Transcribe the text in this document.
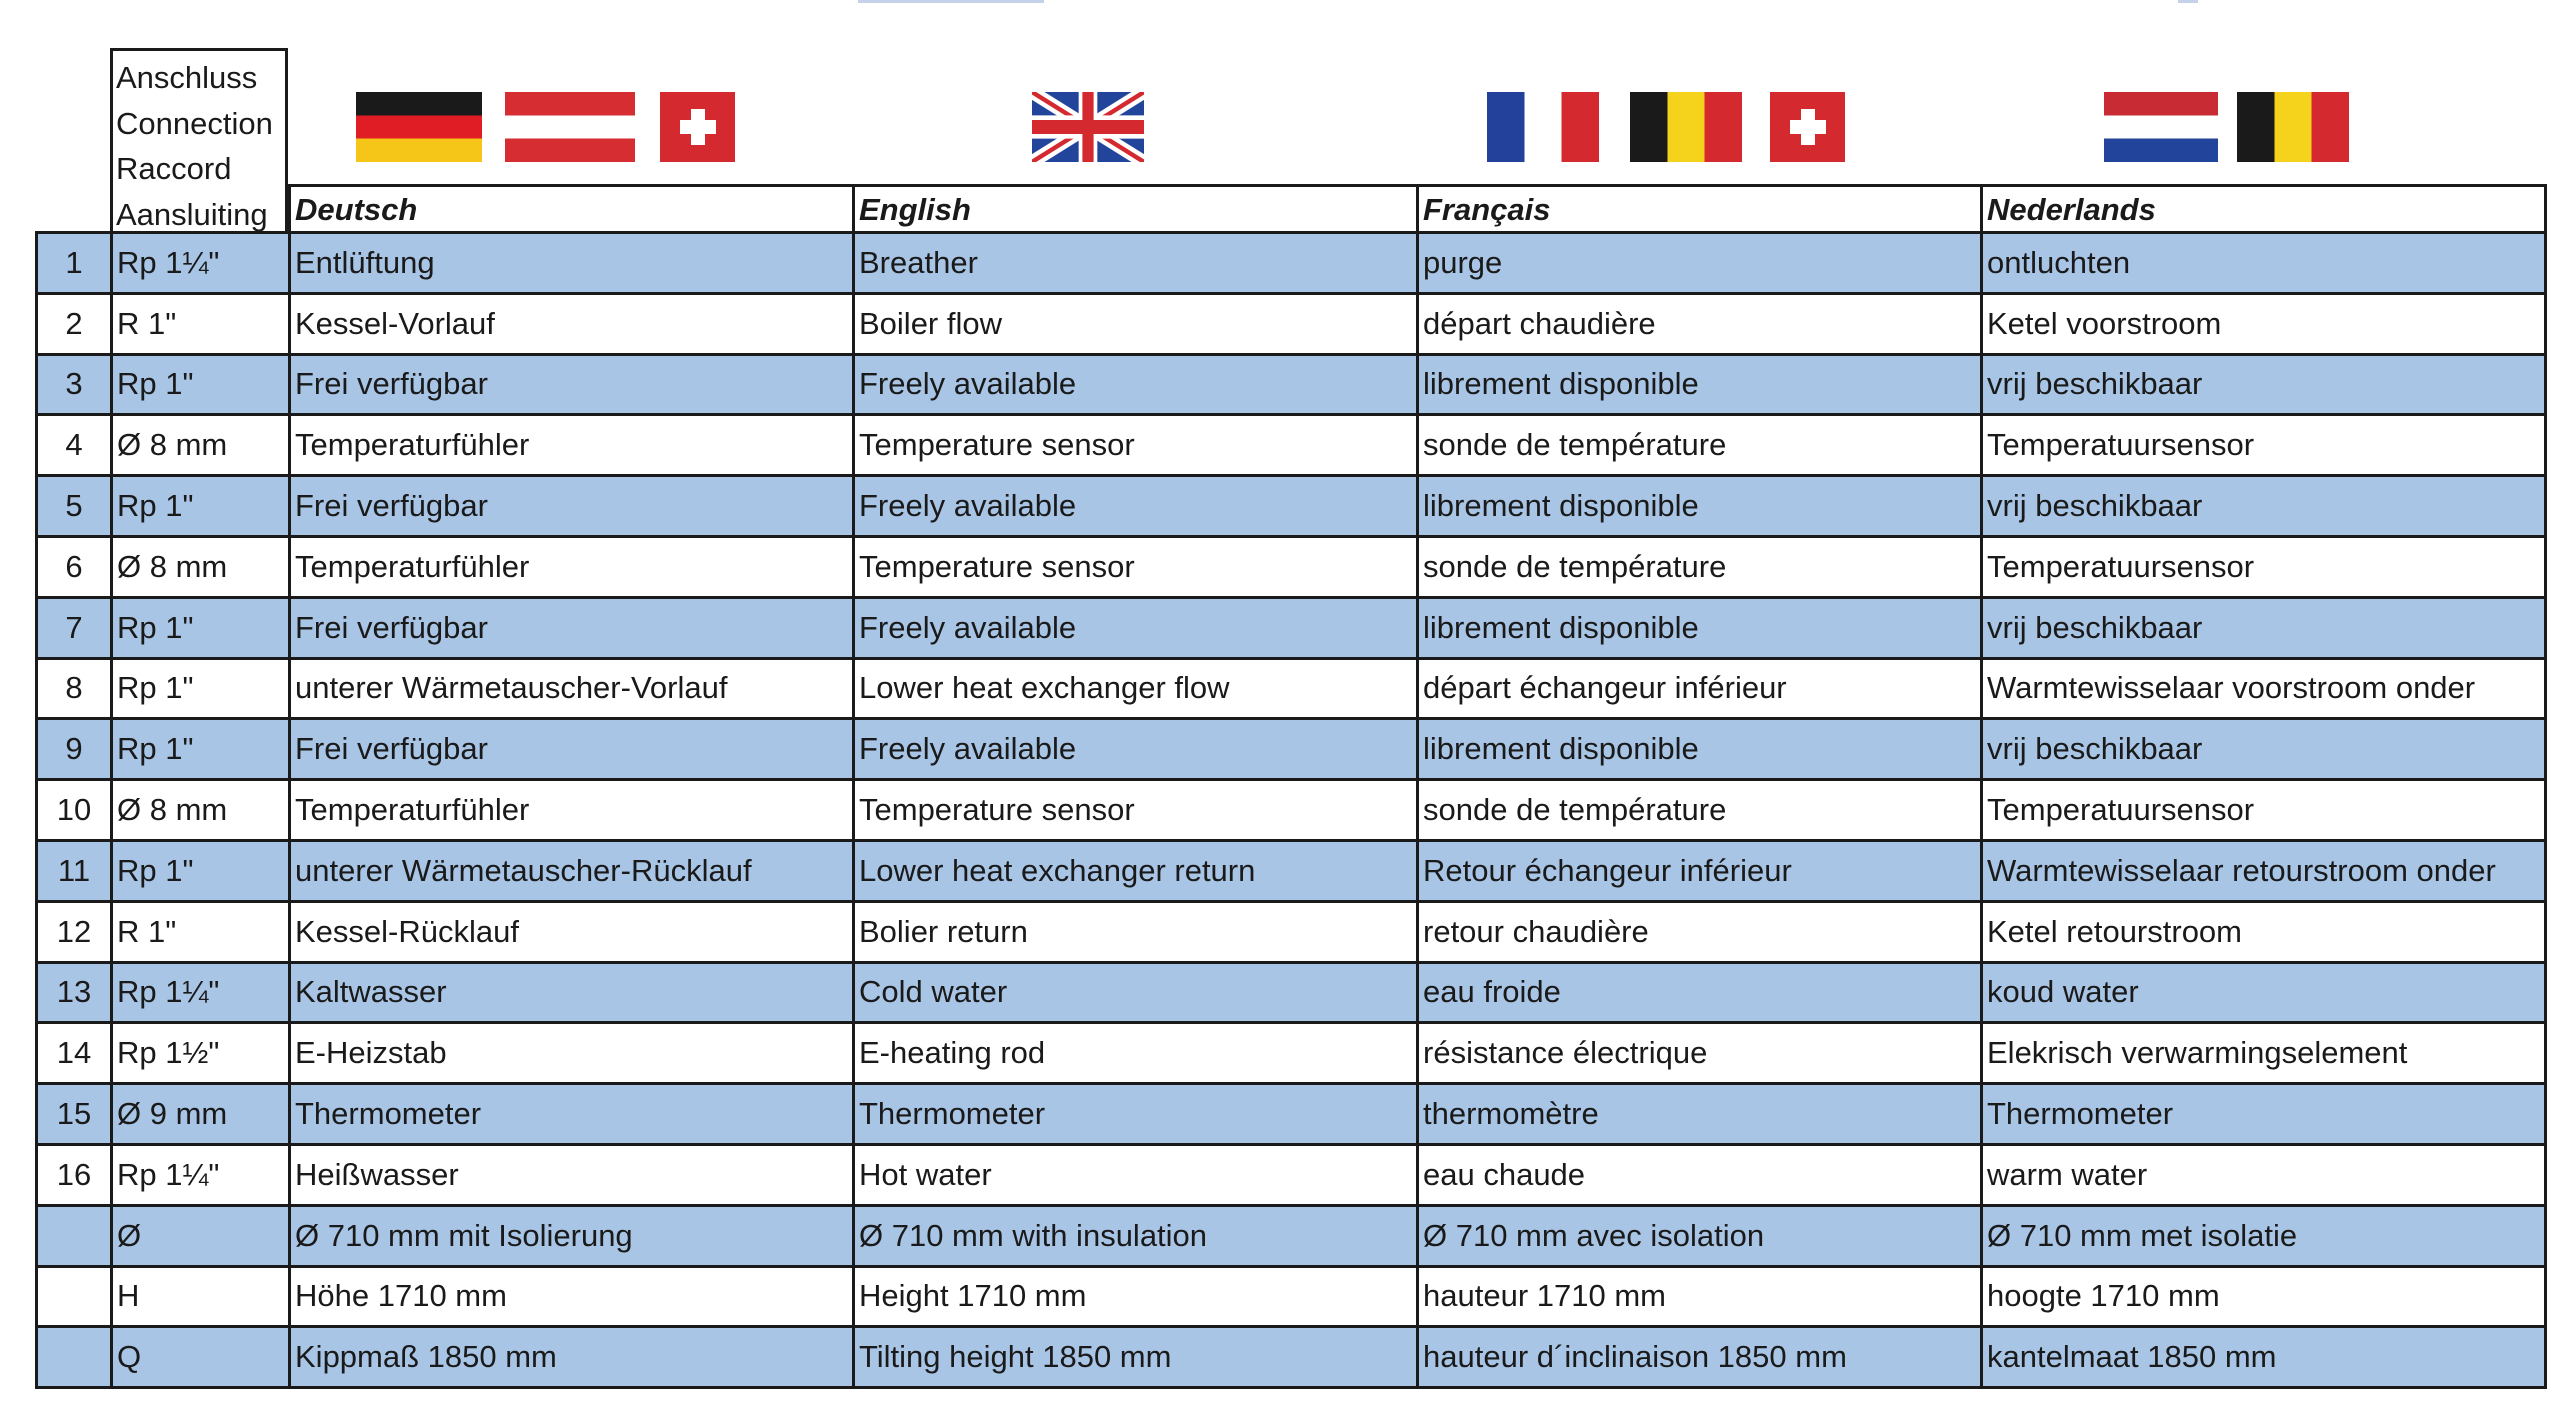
Anschluss
Connection
Raccord
Aansluiting
		Deutsch	English	Français	Nederlands
1	Rp 1¼"	Entlüftung	Breather	purge	ontluchten
2	R 1"	Kessel-Vorlauf	Boiler flow	départ chaudière	Ketel voorstroom
3	Rp 1"	Frei verfügbar	Freely available	librement disponible	vrij beschikbaar
4	Ø 8 mm	Temperaturfühler	Temperature sensor	sonde de température	Temperatuursensor
5	Rp 1"	Frei verfügbar	Freely available	librement disponible	vrij beschikbaar
6	Ø 8 mm	Temperaturfühler	Temperature sensor	sonde de température	Temperatuursensor
7	Rp 1"	Frei verfügbar	Freely available	librement disponible	vrij beschikbaar
8	Rp 1"	unterer Wärmetauscher-Vorlauf	Lower heat exchanger flow	départ échangeur inférieur	Warmtewisselaar voorstroom onder
9	Rp 1"	Frei verfügbar	Freely available	librement disponible	vrij beschikbaar
10	Ø 8 mm	Temperaturfühler	Temperature sensor	sonde de température	Temperatuursensor
11	Rp 1"	unterer Wärmetauscher-Rücklauf	Lower heat exchanger return	Retour échangeur inférieur	Warmtewisselaar retourstroom onder
12	R 1"	Kessel-Rücklauf	Bolier return	retour chaudière	Ketel retourstroom
13	Rp 1¼"	Kaltwasser	Cold water	eau froide	koud water
14	Rp 1½"	E-Heizstab	E-heating rod	résistance électrique	Elekrisch verwarmingselement
15	Ø 9 mm	Thermometer	Thermometer	thermomètre	Thermometer
16	Rp 1¼"	Heißwasser	Hot water	eau chaude	warm water
	Ø	Ø 710 mm mit Isolierung	Ø 710 mm with insulation	Ø 710 mm avec isolation	Ø 710 mm met isolatie
	H	Höhe 1710 mm	Height 1710 mm	hauteur 1710 mm	hoogte 1710 mm
	Q	Kippmaß 1850 mm	Tilting height 1850 mm	hauteur d´inclinaison 1850 mm	kantelmaat 1850 mm
